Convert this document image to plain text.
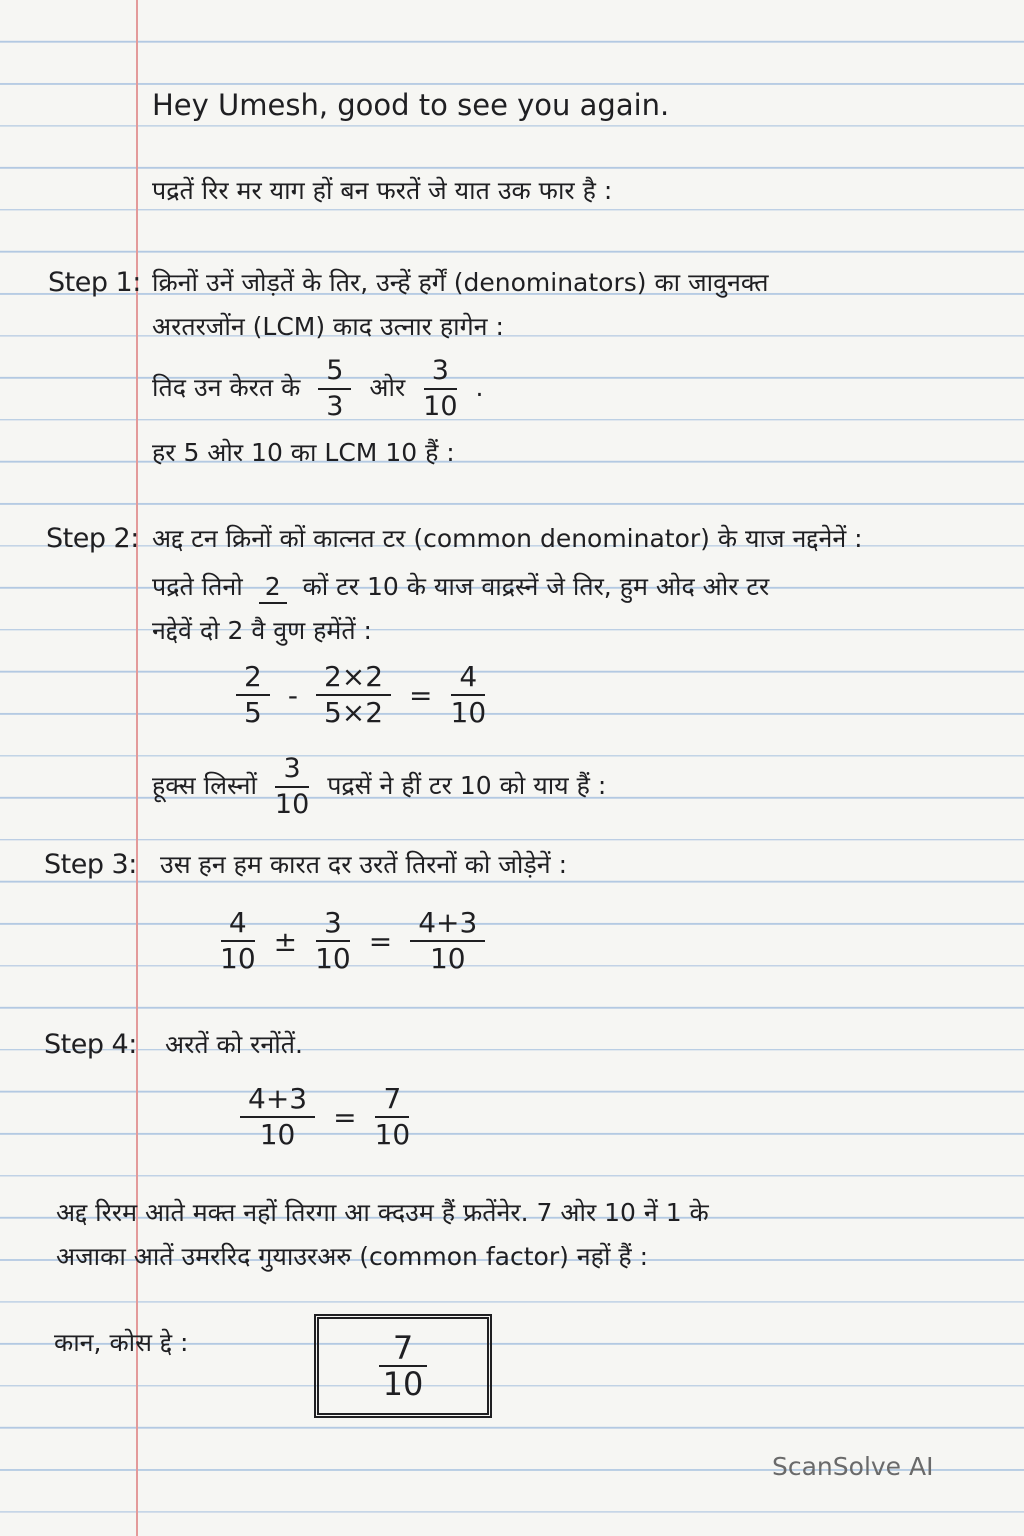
Hey Umesh, good to see you again.
पद्रतें रिर मर याग हों बन फरतें जे यात उक फार है :
Step 1: क्रिनों उनें जोड़तें के तिर, उन्हें हर्गें (denominators) का जावुनक्त
अरतरजोंन (LCM) काद उत्नार हागेन :
तिद उन केरत के $\frac{5}{3}$ ओर $\frac{3}{10}$ .
हर 5 ओर 10 का LCM 10 हैं :
Step 2: अद्द टन क्रिनों कों कात्नत टर (common denominator) के याज नद्दनेनें :
पद्रते तिनो 2 कों टर 10 के याज वाद्रस्नें जे तिर, हुम ओद ओर टर
नद्देवें दो 2 वै वुण हमेंतें :
$\frac{2}{5} - \frac{2\times 2}{5\times 2} = \frac{4}{10}$
हूक्स लिस्नों $\frac{3}{10}$ पद्रसें ने हीं टर 10 को याय हैं :
Step 3: उस हन हम कारत दर उरतें तिरनों को जोड़ेनें :
$\frac{4}{10} \pm \frac{3}{10} = \frac{4+3}{10}$
Step 4: अरतें को रनोंतें.
$\frac{4+3}{10} = \frac{7}{10}$
अद्द रिरम आते मक्त नहों तिरगा आ क्दउम हैं फ्रतेंनेर. 7 ओर 10 नें 1 के
अजाका आतें उमररिद गुयाउरअरु (common factor) नहों हैं :
कान, कोस द्दे :	$\frac{7}{10}$
ScanSolve AI
